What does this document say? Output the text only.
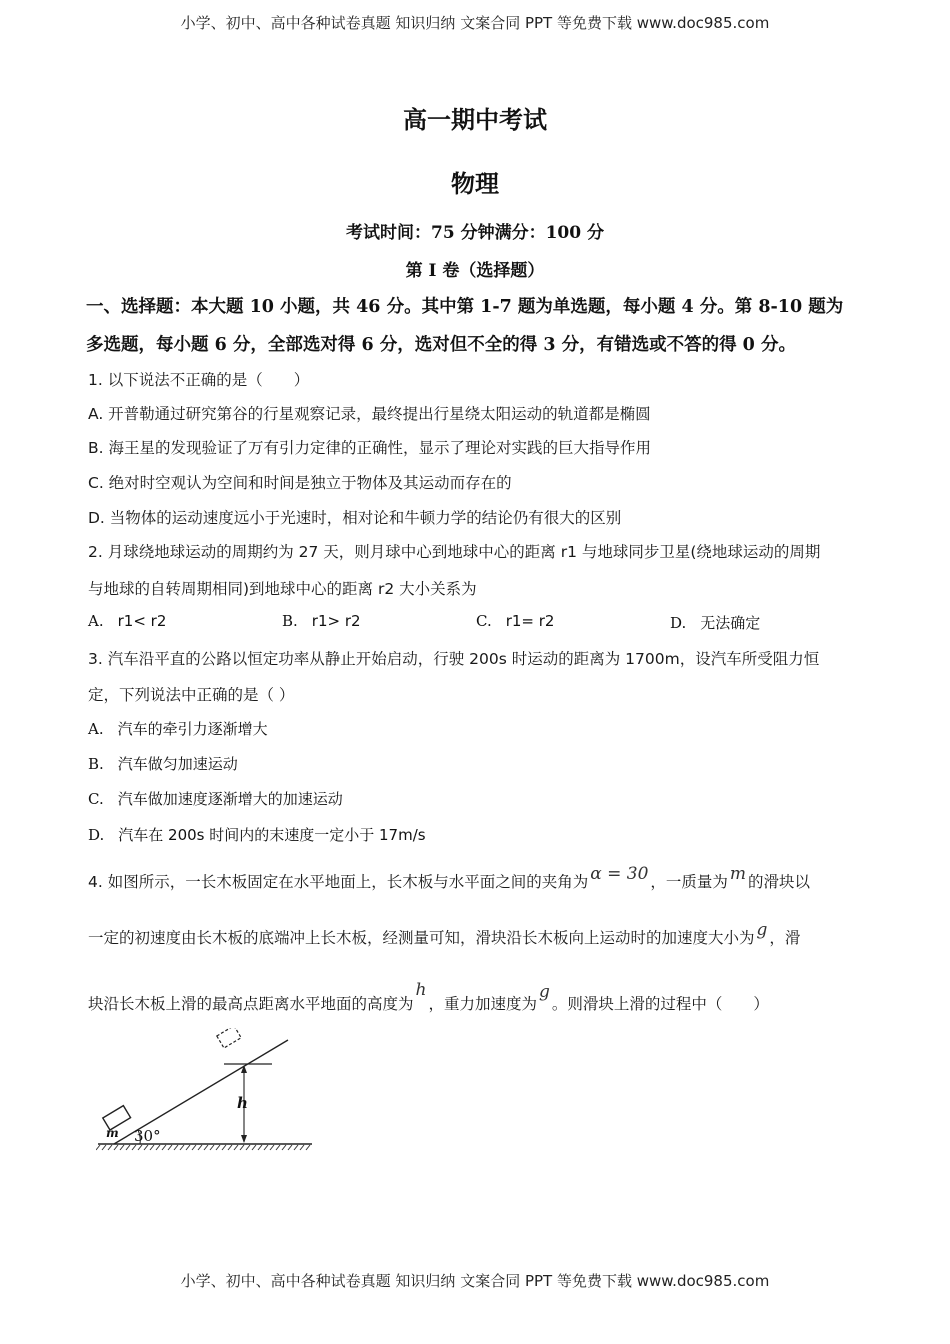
小学、初中、高中各种试卷真题 知识归纳 文案合同 PPT 等免费下载 www.doc985.com
高一期中考试
物理
考试时间：75 分钟满分：100 分
第 I 卷（选择题）
一、选择题：本大题 10 小题，共 46 分。其中第 1-7 题为单选题，每小题 4 分。第 8-10 题为
多选题，每小题 6 分，全部选对得 6 分，选对但不全的得 3 分，有错选或不答的得 0 分。
1. 以下说法不正确的是（　　）
A. 开普勒通过研究第谷的行星观察记录，最终提出行星绕太阳运动的轨道都是椭圆
B. 海王星的发现验证了万有引力定律的正确性，显示了理论对实践的巨大指导作用
C. 绝对时空观认为空间和时间是独立于物体及其运动而存在的
D. 当物体的运动速度远小于光速时，相对论和牛顿力学的结论仍有很大的区别
2. 月球绕地球运动的周期约为 27 天，则月球中心到地球中心的距离 r1 与地球同步卫星(绕地球运动的周期
与地球的自转周期相同)到地球中心的距离 r2 大小关系为
A. r1< r2	B. r1> r2	C. r1= r2	D. 无法确定
3. 汽车沿平直的公路以恒定功率从静止开始启动，行驶 200s 时运动的距离为 1700m，设汽车所受阻力恒
定，下列说法中正确的是（ ）
A. 汽车的牵引力逐渐增大
B. 汽车做匀加速运动
C. 汽车做加速度逐渐增大的加速运动
D. 汽车在 200s 时间内的末速度一定小于 17m/s
4. 如图所示，一长木板固定在水平地面上，长木板与水平面之间的夹角为 α = 30 ，一质量为 m 的滑块以
一定的初速度由长木板的底端冲上长木板，经测量可知，滑块沿长木板向上运动时的加速度大小为 g ，滑
块沿长木板上滑的最高点距离水平地面的高度为h，重力加速度为g。则滑块上滑的过程中（　　）
m 30°
h
小学、初中、高中各种试卷真题 知识归纳 文案合同 PPT 等免费下载 www.doc985.com
